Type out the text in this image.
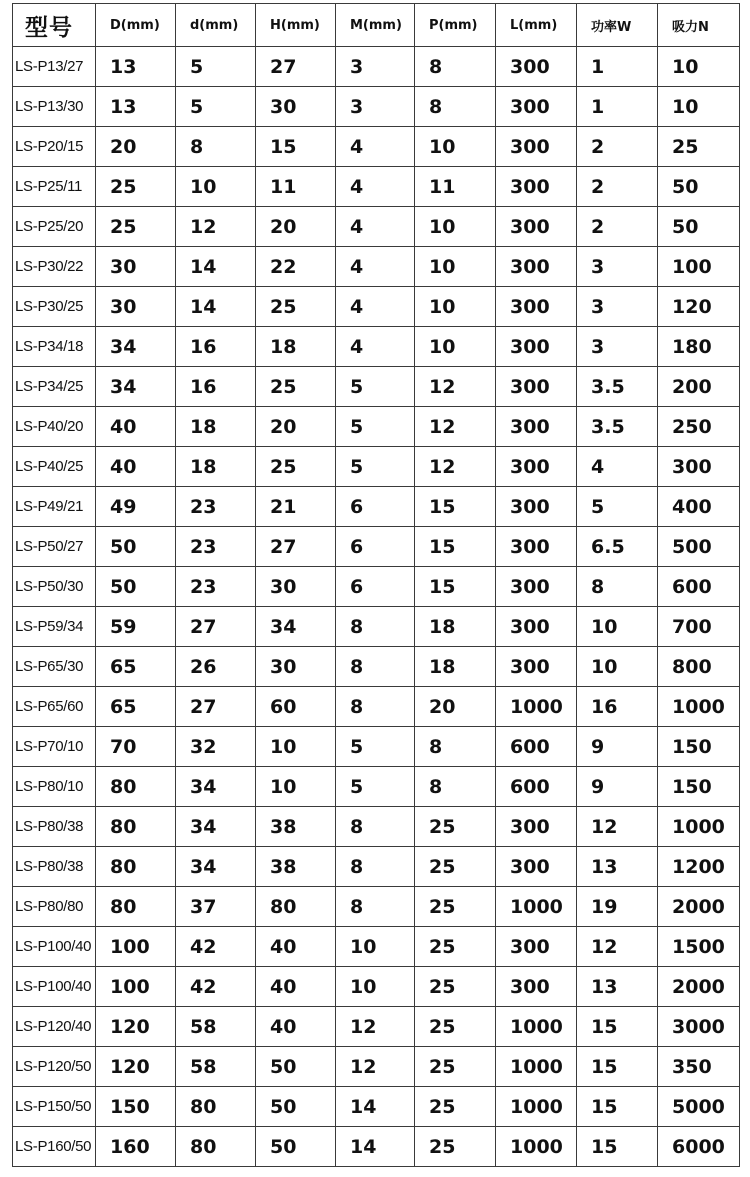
型号	D(mm)	d(mm)	H(mm)	M(mm)	P(mm)	L(mm)	功率W	吸力N
LS-P13/27	13	5	27	3	8	300	1	10
LS-P13/30	13	5	30	3	8	300	1	10
LS-P20/15	20	8	15	4	10	300	2	25
LS-P25/11	25	10	11	4	11	300	2	50
LS-P25/20	25	12	20	4	10	300	2	50
LS-P30/22	30	14	22	4	10	300	3	100
LS-P30/25	30	14	25	4	10	300	3	120
LS-P34/18	34	16	18	4	10	300	3	180
LS-P34/25	34	16	25	5	12	300	3.5	200
LS-P40/20	40	18	20	5	12	300	3.5	250
LS-P40/25	40	18	25	5	12	300	4	300
LS-P49/21	49	23	21	6	15	300	5	400
LS-P50/27	50	23	27	6	15	300	6.5	500
LS-P50/30	50	23	30	6	15	300	8	600
LS-P59/34	59	27	34	8	18	300	10	700
LS-P65/30	65	26	30	8	18	300	10	800
LS-P65/60	65	27	60	8	20	1000	16	1000
LS-P70/10	70	32	10	5	8	600	9	150
LS-P80/10	80	34	10	5	8	600	9	150
LS-P80/38	80	34	38	8	25	300	12	1000
LS-P80/38	80	34	38	8	25	300	13	1200
LS-P80/80	80	37	80	8	25	1000	19	2000
LS-P100/40	100	42	40	10	25	300	12	1500
LS-P100/40	100	42	40	10	25	300	13	2000
LS-P120/40	120	58	40	12	25	1000	15	3000
LS-P120/50	120	58	50	12	25	1000	15	350
LS-P150/50	150	80	50	14	25	1000	15	5000
LS-P160/50	160	80	50	14	25	1000	15	6000
